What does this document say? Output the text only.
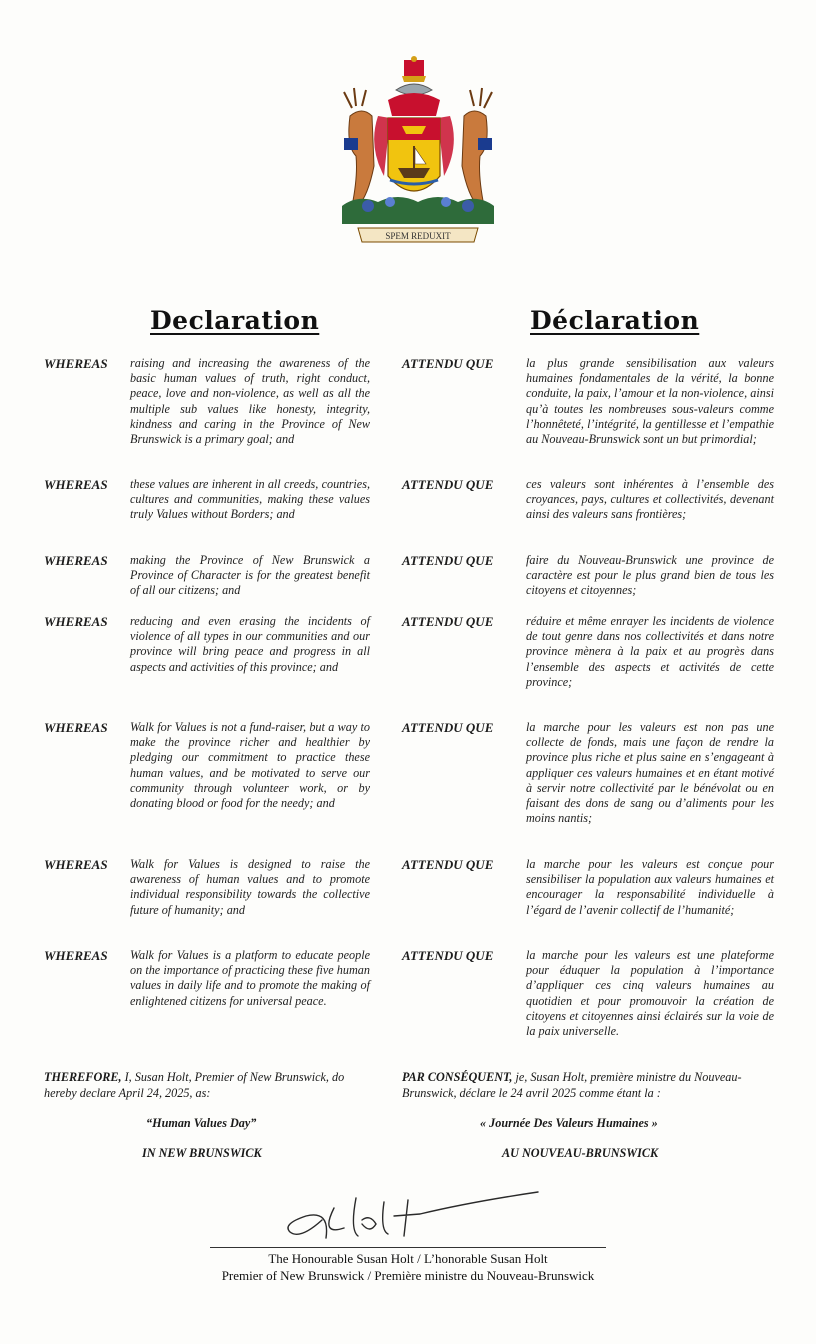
SPEM REDUXIT
Declaration	Déclaration
WHEREAS raising and increasing the awareness of the basic human values of truth, right conduct, peace, love and non-violence, as well as all the multiple sub values like honesty, integrity, kindness and caring in the Province of New Brunswick is a primary goal; and
WHEREAS these values are inherent in all creeds, countries, cultures and communities, making these values truly Values without Borders; and
WHEREAS making the Province of New Brunswick a Province of Character is for the greatest benefit of all our citizens; and
WHEREAS reducing and even erasing the incidents of violence of all types in our communities and our province will bring peace and progress in all aspects and activities of this province; and
WHEREAS Walk for Values is not a fund-raiser, but a way to make the province richer and healthier by pledging our commitment to practice these human values, and be motivated to serve our community through volunteer work, or by donating blood or food for the needy; and
WHEREAS Walk for Values is designed to raise the awareness of human values and to promote individual responsibility towards the collective future of humanity; and
WHEREAS Walk for Values is a platform to educate people on the importance of practicing these five human values in daily life and to promote the making of enlightened citizens for universal peace.
ATTENDU QUE	la plus grande sensibilisation aux valeurs humaines fondamentales de la vérité, la bonne conduite, la paix, l’amour et la non-violence, ainsi qu’à toutes les nombreuses sous-valeurs comme l’honnêteté, l’intégrité, la gentillesse et l’empathie au Nouveau-Brunswick sont un but primordial;
ATTENDU QUE	ces valeurs sont inhérentes à l’ensemble des croyances, pays, cultures et collectivités, devenant ainsi des valeurs sans frontières;
ATTENDU QUE	faire du Nouveau-Brunswick une province de caractère est pour le plus grand bien de tous les citoyens et citoyennes;
ATTENDU QUE	réduire et même enrayer les incidents de violence de tout genre dans nos collectivités et dans notre province mènera à la paix et au progrès dans l’ensemble des aspects et activités de cette province;
ATTENDU QUE	la marche pour les valeurs est non pas une collecte de fonds, mais une façon de rendre la province plus riche et plus saine en s’engageant à appliquer ces valeurs humaines et en étant motivé à servir notre collectivité par le bénévolat ou en faisant des dons de sang ou d’aliments pour les moins nantis;
ATTENDU QUE	la marche pour les valeurs est conçue pour sensibiliser la population aux valeurs humaines et encourager la responsabilité individuelle à l’égard de l’avenir collectif de l’humanité;
ATTENDU QUE	la marche pour les valeurs est une plateforme pour éduquer la population à l’importance d’appliquer ces cinq valeurs humaines au quotidien et pour promouvoir la création de citoyens et citoyennes ainsi éclairés sur la voie de la paix universelle.
THEREFORE, I, Susan Holt, Premier of New Brunswick, do hereby declare April 24, 2025, as:
PAR CONSÉQUENT, je, Susan Holt, première ministre du Nouveau-Brunswick, déclare le 24 avril 2025 comme étant la :
“Human Values Day”	« Journée Des Valeurs Humaines »
IN NEW BRUNSWICK	AU NOUVEAU-BRUNSWICK
The Honourable Susan Holt / L’honorable Susan Holt
Premier of New Brunswick / Première ministre du Nouveau-Brunswick
